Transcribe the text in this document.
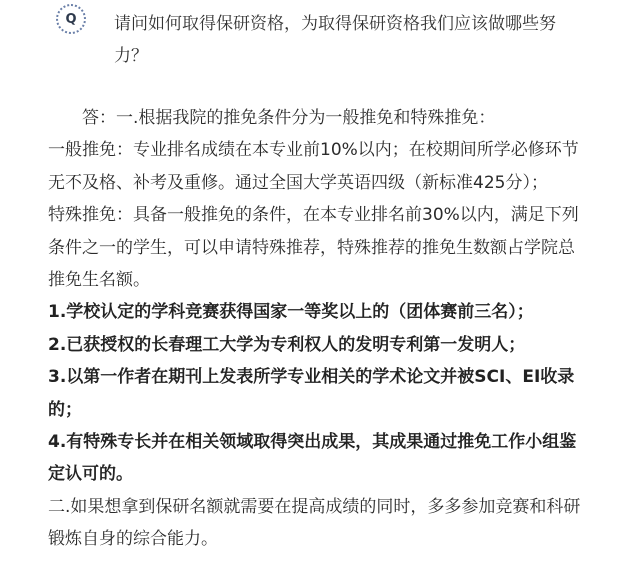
Q 请问如何取得保研资格，为取得保研资格我们应该做哪些努力？

答：一.根据我院的推免条件分为一般推免和特殊推免：

一般推免：专业排名成绩在本专业前10%以内；在校期间所学必修环节无不及格、补考及重修。通过全国大学英语四级（新标准425分）；

特殊推免：具备一般推免的条件，在本专业排名前30%以内，满足下列条件之一的学生，可以申请特殊推荐，特殊推荐的推免生数额占学院总推免生名额。

1.学校认定的学科竞赛获得国家一等奖以上的（团体赛前三名）；

2.已获授权的长春理工大学为专利权人的发明专利第一发明人；

3.以第一作者在期刊上发表所学专业相关的学术论文并被SCI、EI收录的；

4.有特殊专长并在相关领域取得突出成果，其成果通过推免工作小组鉴定认可的。

二.如果想拿到保研名额就需要在提高成绩的同时，多多参加竞赛和科研锻炼自身的综合能力。
